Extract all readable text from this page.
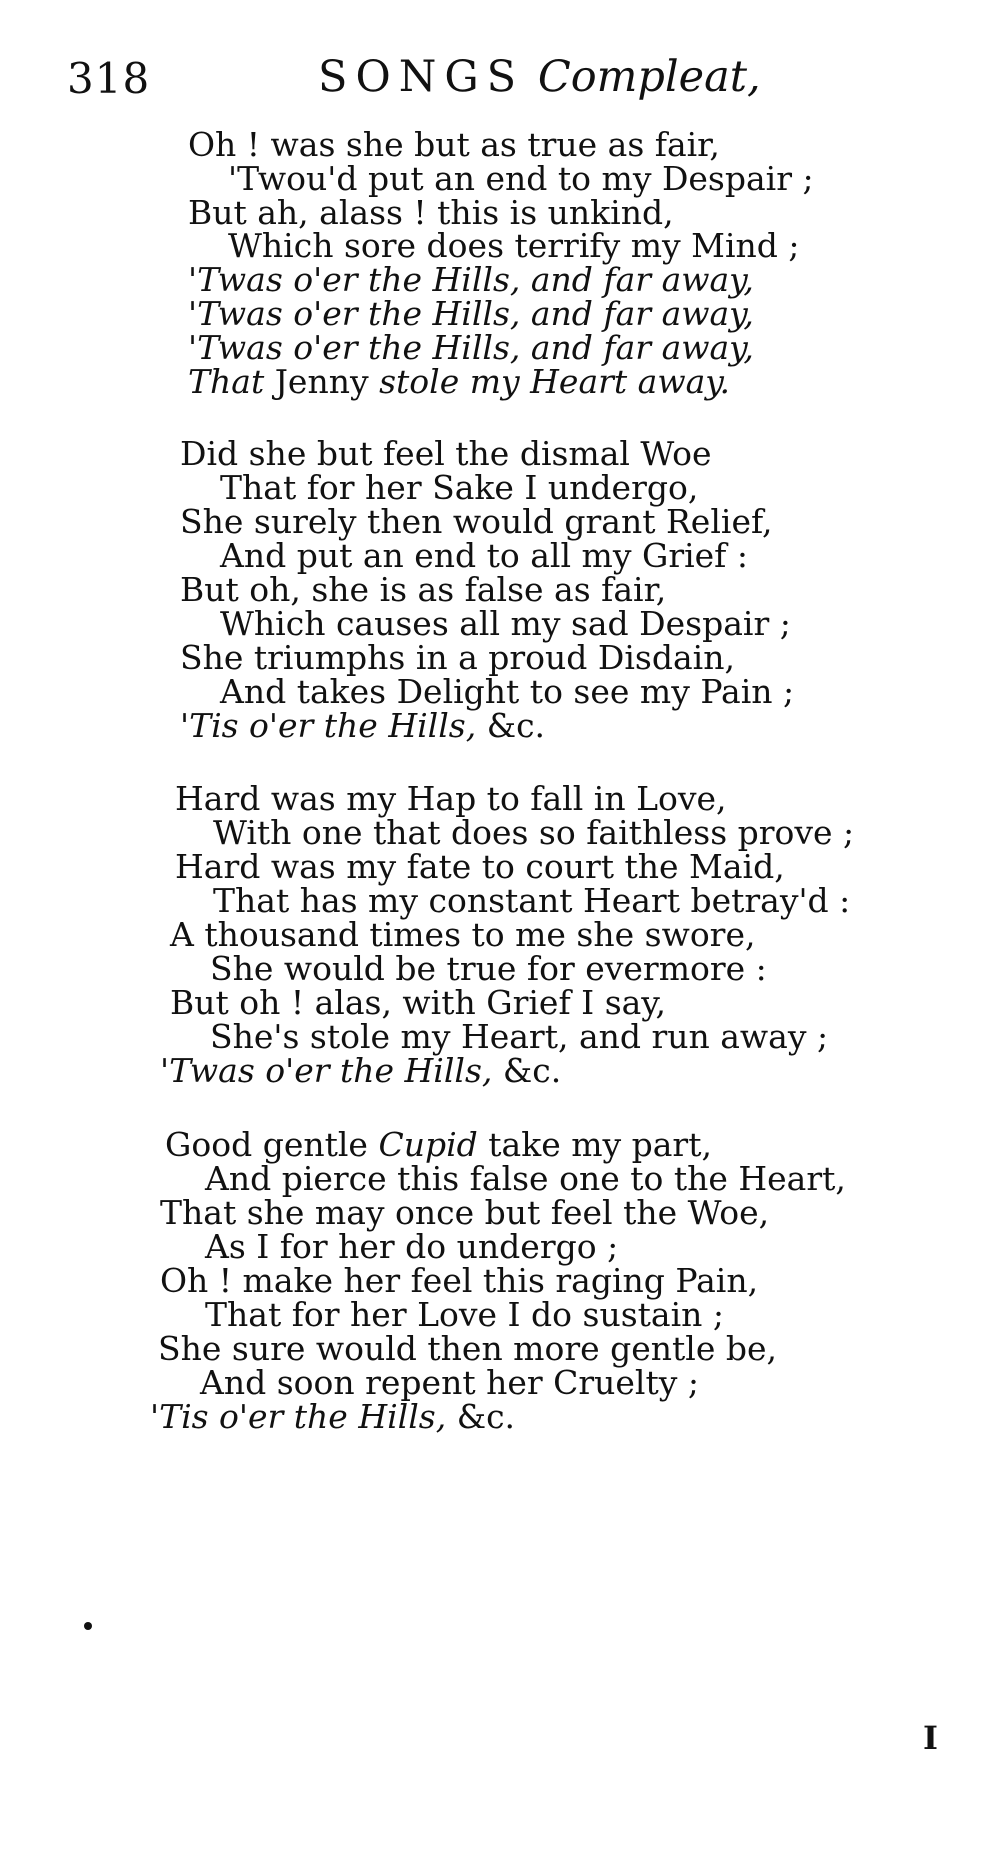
318	SONGS Compleat,
Oh ! was she but as true as fair,
'Twou'd put an end to my Despair ;
But ah, alass ! this is unkind,
Which sore does terrify my Mind ;
'Twas o'er the Hills, and far away,
'Twas o'er the Hills, and far away,
'Twas o'er the Hills, and far away,
That Jenny stole my Heart away.
Did she but feel the dismal Woe
That for her Sake I undergo,
She surely then would grant Relief,
And put an end to all my Grief :
But oh, she is as false as fair,
Which causes all my sad Despair ;
She triumphs in a proud Disdain,
And takes Delight to see my Pain ;
'Tis o'er the Hills, &c.
Hard was my Hap to fall in Love,
With one that does so faithless prove ;
Hard was my fate to court the Maid,
That has my constant Heart betray'd :
A thousand times to me she swore,
She would be true for evermore :
But oh ! alas, with Grief I say,
She's stole my Heart, and run away ;
'Twas o'er the Hills, &c.
Good gentle Cupid take my part,
And pierce this false one to the Heart,
That she may once but feel the Woe,
As I for her do undergo ;
Oh ! make her feel this raging Pain,
That for her Love I do sustain ;
She sure would then more gentle be,
And soon repent her Cruelty ;
'Tis o'er the Hills, &c.
I
